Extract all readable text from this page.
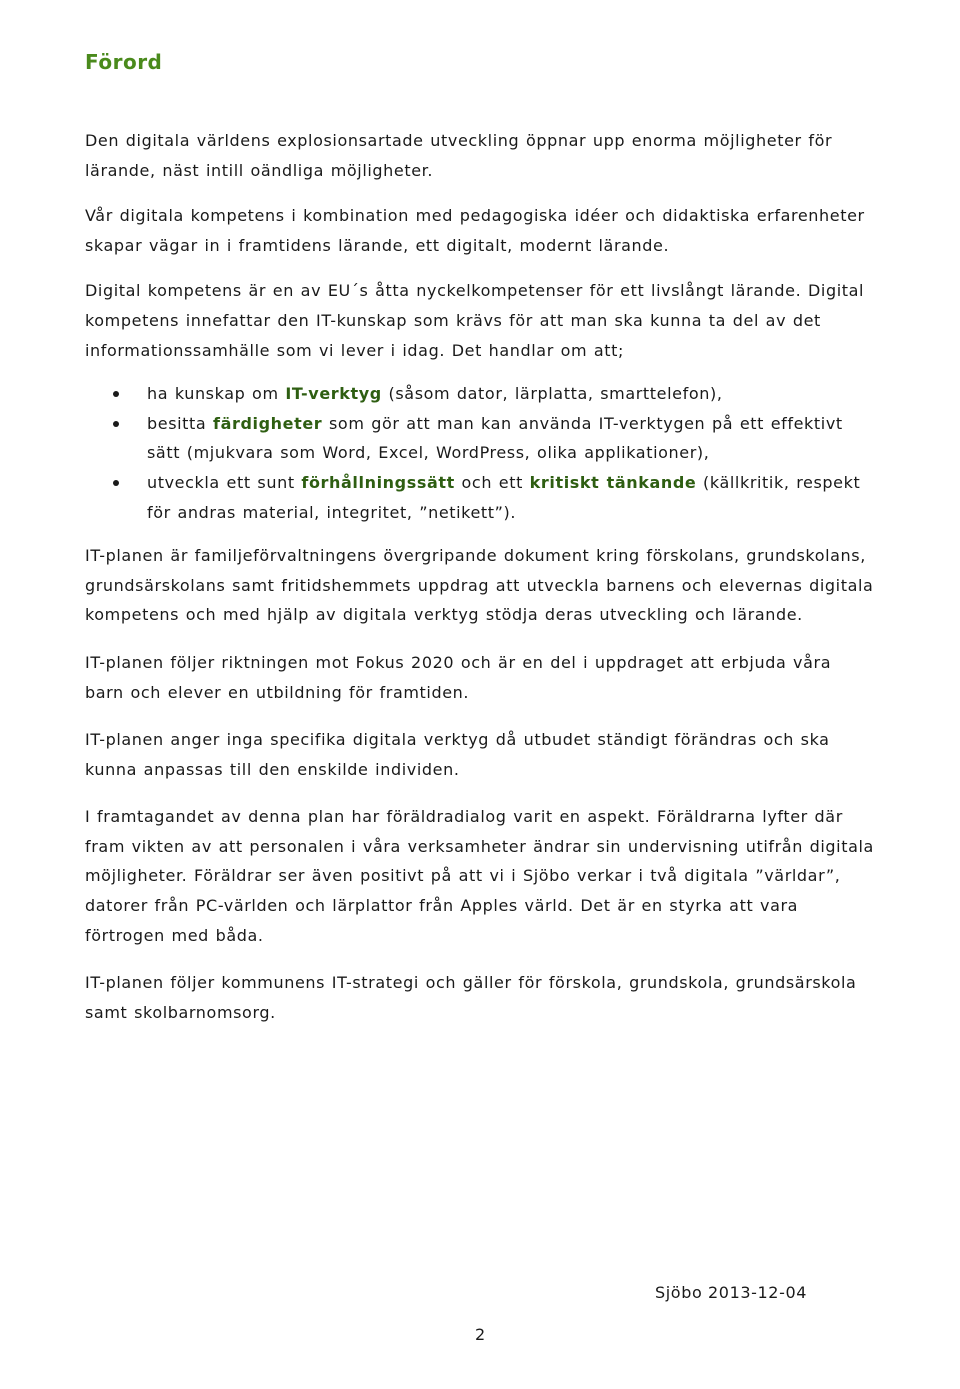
Förord

Den digitala världens explosionsartade utveckling öppnar upp enorma möjligheter för lärande, näst intill oändliga möjligheter.

Vår digitala kompetens i kombination med pedagogiska idéer och didaktiska erfarenheter skapar vägar in i framtidens lärande, ett digitalt, modernt lärande.

Digital kompetens är en av EU´s åtta nyckelkompetenser för ett livslångt lärande. Digital kompetens innefattar den IT-kunskap som krävs för att man ska kunna ta del av det informationssamhälle som vi lever i idag. Det handlar om att;

ha kunskap om IT-verktyg (såsom dator, lärplatta, smarttelefon),
besitta färdigheter som gör att man kan använda IT-verktygen på ett effektivt sätt (mjukvara som Word, Excel, WordPress, olika applikationer),
utveckla ett sunt förhållningssätt och ett kritiskt tänkande (källkritik, respekt för andras material, integritet, ”netikett”).

IT-planen är familjeförvaltningens övergripande dokument kring förskolans, grundskolans, grundsärskolans samt fritidshemmets uppdrag att utveckla barnens och elevernas digitala kompetens och med hjälp av digitala verktyg stödja deras utveckling och lärande.

IT-planen följer riktningen mot Fokus 2020 och är en del i uppdraget att erbjuda våra barn och elever en utbildning för framtiden.

IT-planen anger inga specifika digitala verktyg då utbudet ständigt förändras och ska kunna anpassas till den enskilde individen.

I framtagandet av denna plan har föräldradialog varit en aspekt. Föräldrarna lyfter där fram vikten av att personalen i våra verksamheter ändrar sin undervisning utifrån digitala möjligheter. Föräldrar ser även positivt på att vi i Sjöbo verkar i två digitala ”världar”, datorer från PC-världen och lärplattor från Apples värld. Det är en styrka att vara förtrogen med båda.

IT-planen följer kommunens IT-strategi och gäller för förskola, grundskola, grundsärskola samt skolbarnomsorg.

Sjöbo 2013-12-04
2
